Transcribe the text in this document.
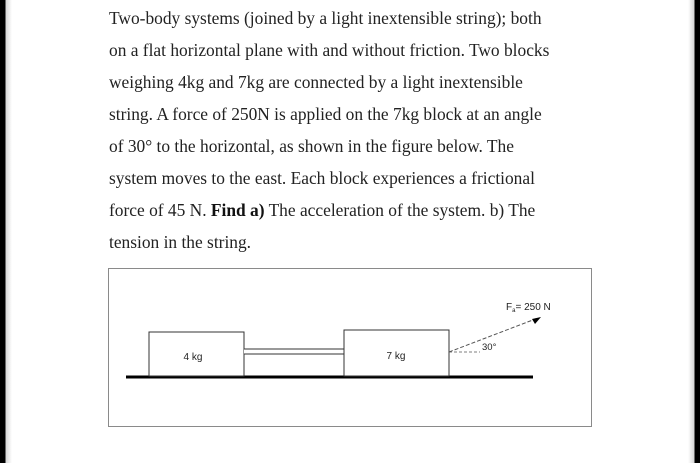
Two-body systems (joined by a light inextensible string); both

on a flat horizontal plane with and without friction. Two blocks

weighing 4kg and 7kg are connected by a light inextensible

string. A force of 250N is applied on the 7kg block at an angle

of 30° to the horizontal, as shown in the figure below. The

system moves to the east. Each block experiences a frictional

force of 45 N. Find a) The acceleration of the system. b) The

tension in the string.

4 kg	7 kg
30°
$F_a= 250$ N
